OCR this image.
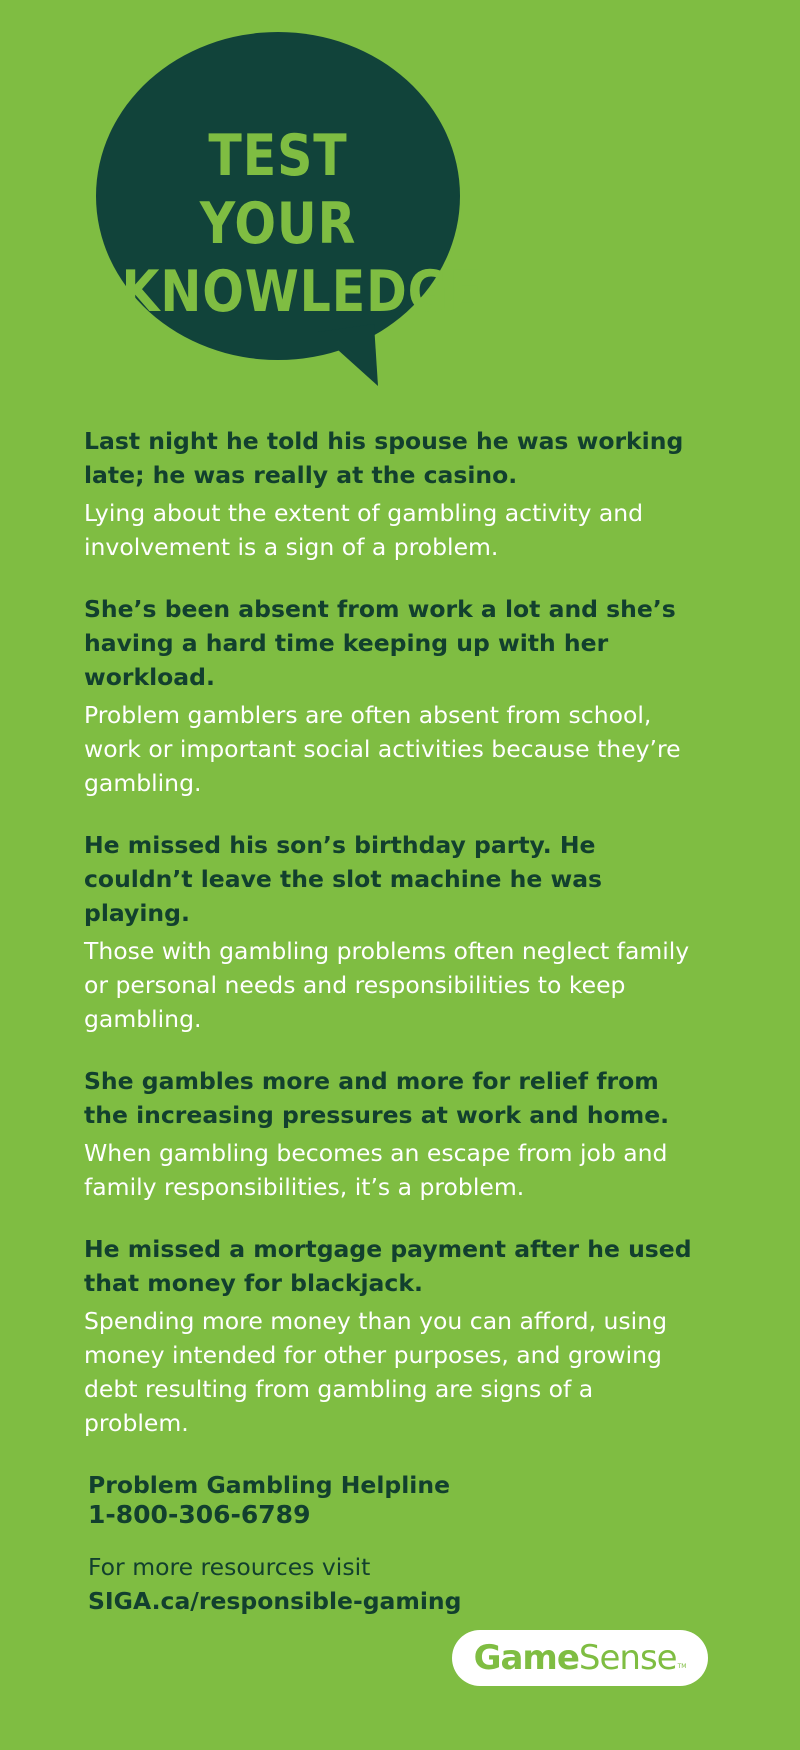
TEST YOUR
KNOWLEDGE

Last night he told his spouse he was working late; he was really at the casino.

Lying about the extent of gambling activity and involvement is a sign of a problem.

She’s been absent from work a lot and she’s having a hard time keeping up with her workload.

Problem gamblers are often absent from school, work or important social activities because they’re gambling.

He missed his son’s birthday party. He couldn’t leave the slot machine he was playing.

Those with gambling problems often neglect family or personal needs and responsibilities to keep gambling.

She gambles more and more for relief from the increasing pressures at work and home.

When gambling becomes an escape from job and family responsibilities, it’s a problem.

He missed a mortgage payment after he used that money for blackjack.

Spending more money than you can afford, using money intended for other purposes, and growing debt resulting from gambling are signs of a problem.

Problem Gambling Helpline
1-800-306-6789
For more resources visit
SIGA.ca/responsible-gaming
Game Sense TM
